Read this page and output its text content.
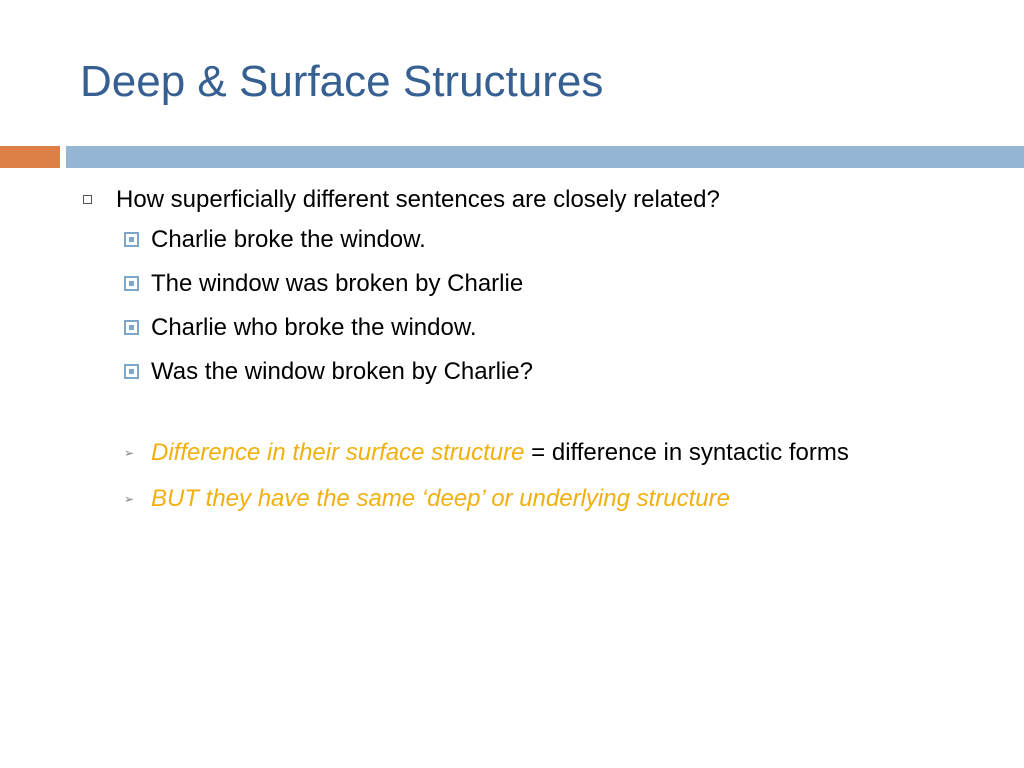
Deep & Surface Structures
How superficially different sentences are closely related?
Charlie broke the window.
The window was broken by Charlie
Charlie who broke the window.
Was the window broken by Charlie?
➢ Difference in their surface structure = difference in syntactic forms
➢ BUT they have the same ‘deep’ or underlying structure
